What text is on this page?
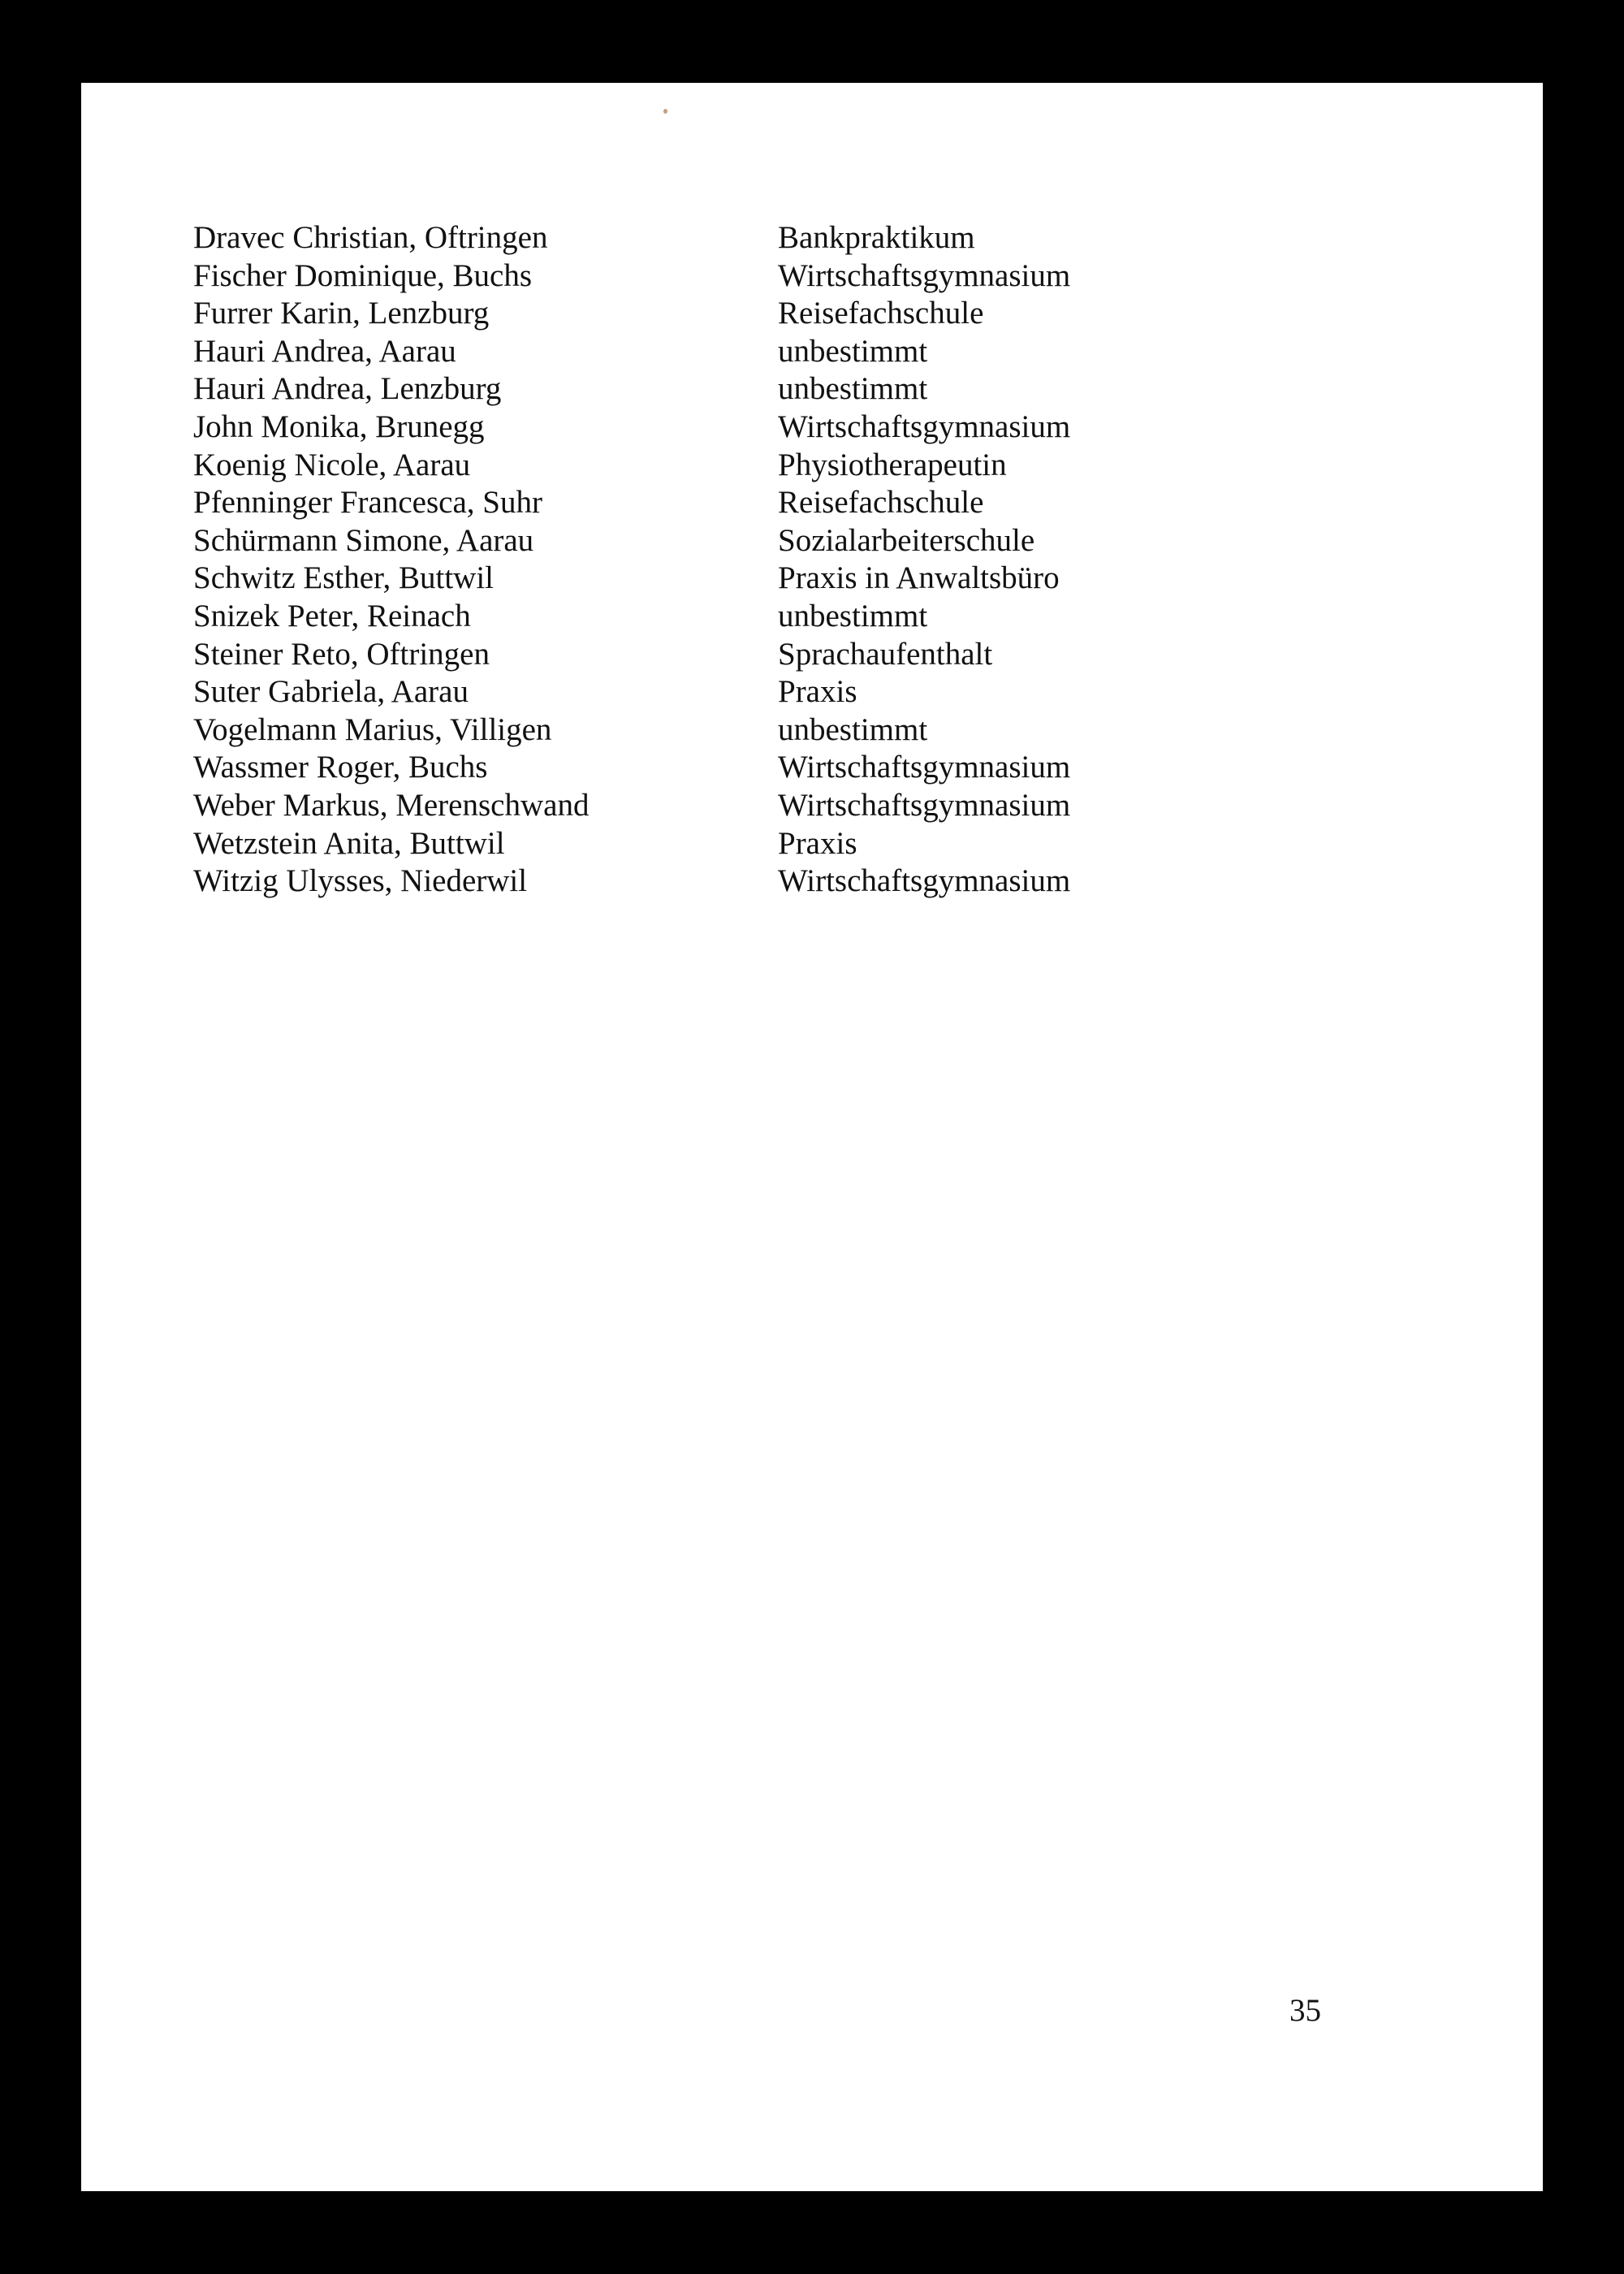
Dravec Christian, Oftringen	Bankpraktikum
Fischer Dominique, Buchs	Wirtschaftsgymnasium
Furrer Karin, Lenzburg	Reisefachschule
Hauri Andrea, Aarau	unbestimmt
Hauri Andrea, Lenzburg	unbestimmt
John Monika, Brunegg	Wirtschaftsgymnasium
Koenig Nicole, Aarau	Physiotherapeutin
Pfenninger Francesca, Suhr	Reisefachschule
Schürmann Simone, Aarau	Sozialarbeiterschule
Schwitz Esther, Buttwil	Praxis in Anwaltsbüro
Snizek Peter, Reinach	unbestimmt
Steiner Reto, Oftringen	Sprachaufenthalt
Suter Gabriela, Aarau	Praxis
Vogelmann Marius, Villigen	unbestimmt
Wassmer Roger, Buchs	Wirtschaftsgymnasium
Weber Markus, Merenschwand	Wirtschaftsgymnasium
Wetzstein Anita, Buttwil	Praxis
Witzig Ulysses, Niederwil	Wirtschaftsgymnasium
35
